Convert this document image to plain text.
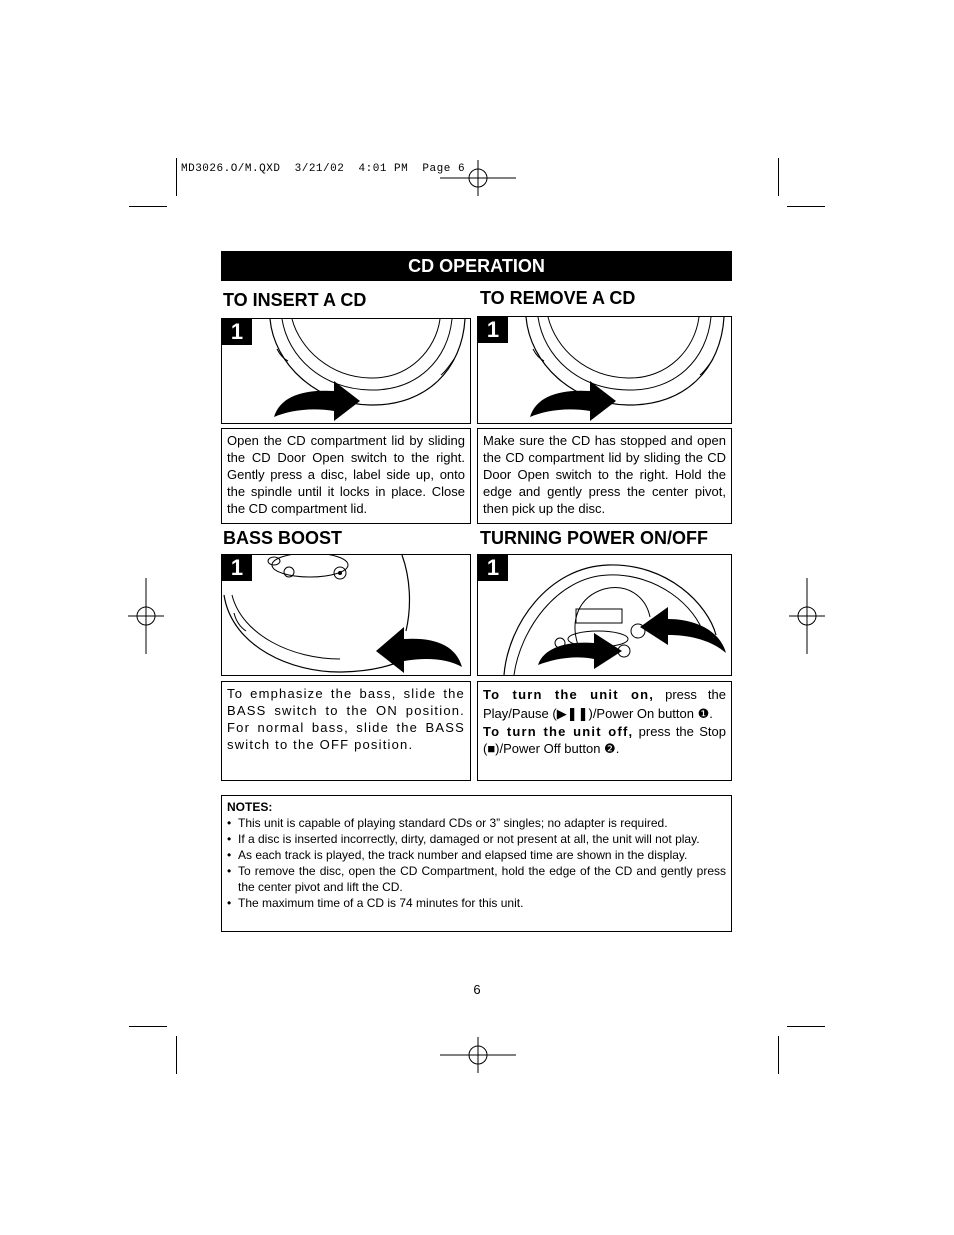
MD3026.O/M.QXD  3/21/02  4:01 PM  Page 6
CD OPERATION
TO INSERT A CD
1

Open the CD compartment lid by sliding the CD Door Open switch to the right. Gently press a disc, label side up, onto the spindle until it locks in place. Close the CD compartment lid.

TO REMOVE A CD
1

Make sure the CD has stopped and open the CD compartment lid by sliding the CD Door Open switch to the right. Hold the edge and gently press the center pivot, then pick up the disc.

BASS BOOST
1

To emphasize the bass, slide the BASS switch to the ON position. For normal bass, slide the BASS switch to the OFF position.

TURNING POWER ON/OFF
1

To turn the unit on, press the Play/Pause (▶❚❚)/Power On button ❶.

To turn the unit off, press the Stop (■)/Power Off button ❷.

NOTES:
• This unit is capable of playing standard CDs or 3” singles; no adapter is required.
• If a disc is inserted incorrectly, dirty, damaged or not present at all, the unit will not play.
• As each track is played, the track number and elapsed time are shown in the display.
• To remove the disc, open the CD Compartment, hold the edge of the CD and gently press the center pivot and lift the CD.
• The maximum time of a CD is 74 minutes for this unit.
6
